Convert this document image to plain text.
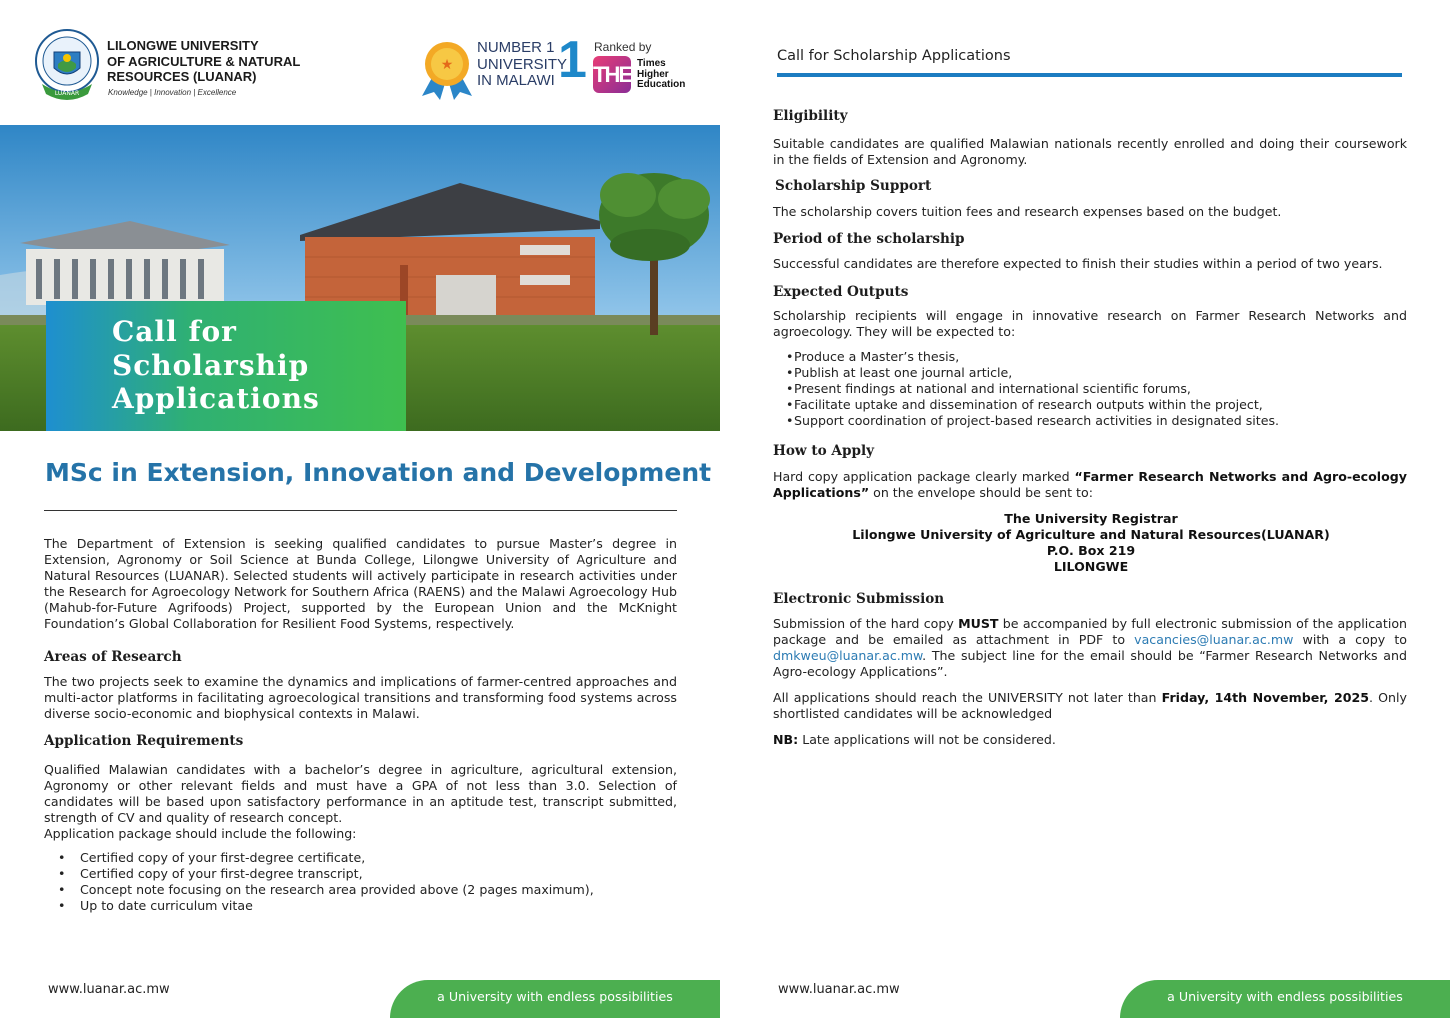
LUANAR
LILONGWE UNIVERSITY
OF AGRICULTURE & NATURAL
RESOURCES (LUANAR)
Knowledge | Innovation | Excellence
★
NUMBER 1
UNIVERSITY
IN MALAWI 1 Ranked by
THE Times
Higher
Education
Call for
Scholarship
Applications
MSc in Extension, Innovation and Development

The Department of Extension is seeking qualified candidates to pursue Master’s degree in Extension, Agronomy or Soil Science at Bunda College, Lilongwe University of Agriculture and Natural Resources (LUANAR). Selected students will actively participate in research activities under the Research for Agroecology Network for Southern Africa (RAENS) and the Malawi Agroecology Hub (Mahub-for-Future Agrifoods) Project, supported by the European Union and the McKnight Foundation’s Global Collaboration for Resilient Food Systems, respectively.

Areas of Research

The two projects seek to examine the dynamics and implications of farmer-centred approaches and multi-actor platforms in facilitating agroecological transitions and transforming food systems across diverse socio-economic and biophysical contexts in Malawi.

Application Requirements

Qualified Malawian candidates with a bachelor’s degree in agriculture, agricultural extension, Agronomy or other relevant fields and must have a GPA of not less than 3.0. Selection of candidates will be based upon satisfactory performance in an aptitude test, transcript submitted, strength of CV and quality of research concept.

Application package should include the following:

• Certified copy of your first-degree certificate,
• Certified copy of your first-degree transcript,
• Concept note focusing on the research area provided above (2 pages maximum),
• Up to date curriculum vitae
www.luanar.ac.mw	a University with endless possibilities
Call for Scholarship Applications
Eligibility

Suitable candidates are qualified Malawian nationals recently enrolled and doing their coursework in the fields of Extension and Agronomy.

Scholarship Support

The scholarship covers tuition fees and research expenses based on the budget.

Period of the scholarship

Successful candidates are therefore expected to finish their studies within a period of two years.

Expected Outputs

Scholarship recipients will engage in innovative research on Farmer Research Networks and agroecology. They will be expected to:

• Produce a Master’s thesis,
• Publish at least one journal article,
• Present findings at national and international scientific forums,
• Facilitate uptake and dissemination of research outputs within the project,
• Support coordination of project-based research activities in designated sites.
How to Apply

Hard copy application package clearly marked “Farmer Research Networks and Agro-ecology Applications” on the envelope should be sent to:

The University Registrar
Lilongwe University of Agriculture and Natural Resources(LUANAR)
P.O. Box 219
LILONGWE
Electronic Submission

Submission of the hard copy MUST be accompanied by full electronic submission of the application package and be emailed as attachment in PDF to vacancies@luanar.ac.mw with a copy to dmkweu@luanar.ac.mw. The subject line for the email should be “Farmer Research Networks and Agro-ecology Applications”.

All applications should reach the UNIVERSITY not later than Friday, 14th November, 2025. Only shortlisted candidates will be acknowledged

NB: Late applications will not be considered.

www.luanar.ac.mw	a University with endless possibilities
